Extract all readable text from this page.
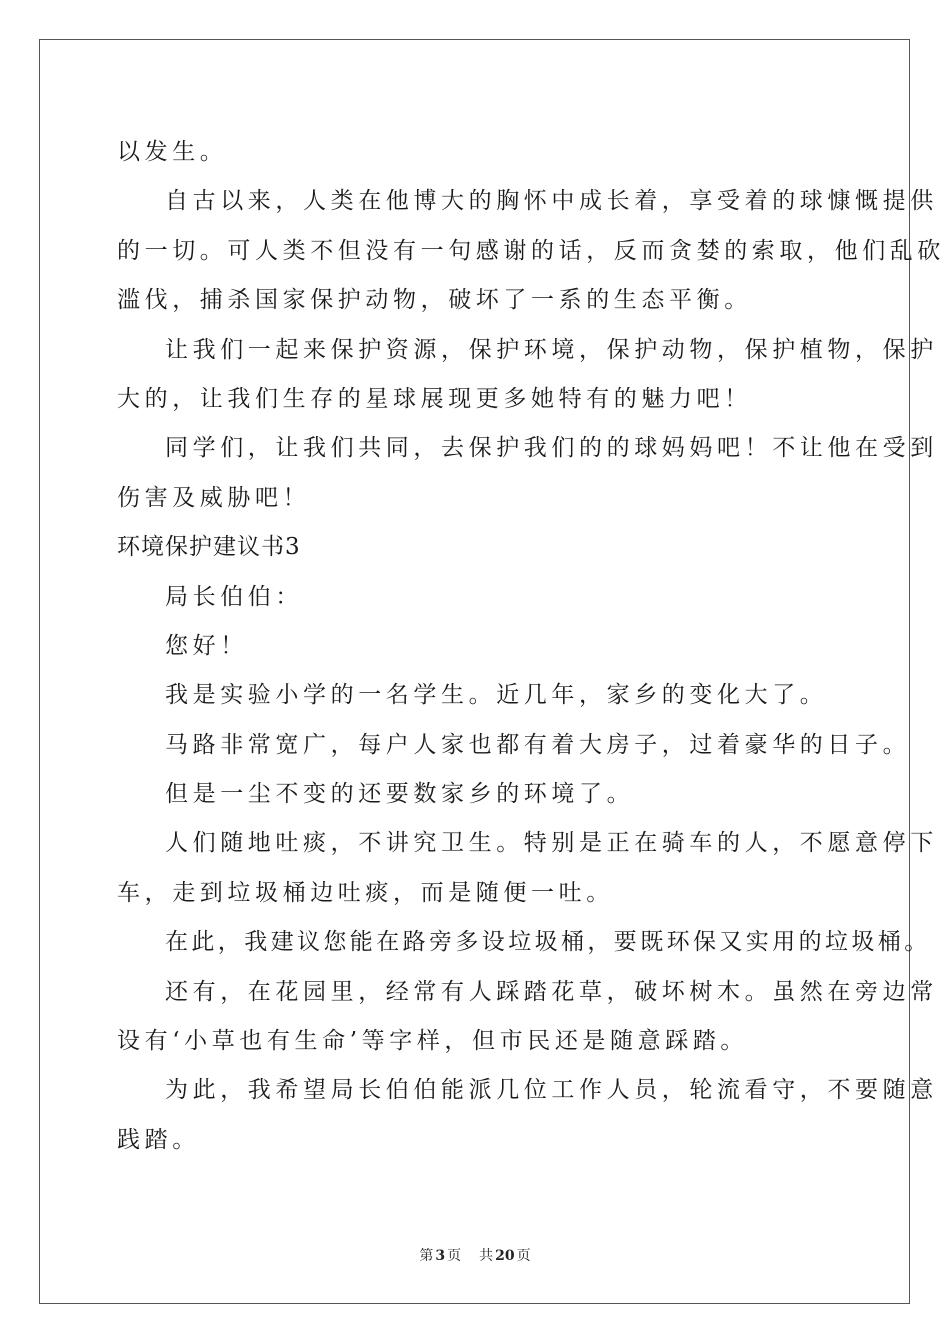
以发生。
自古以来，人类在他博大的胸怀中成长着，享受着的球慷慨提供
的一切。可人类不但没有一句感谢的话，反而贪婪的索取，他们乱砍
滥伐，捕杀国家保护动物，破坏了一系的生态平衡。
让我们一起来保护资源，保护环境，保护动物，保护植物，保护
大的，让我们生存的星球展现更多她特有的魅力吧！
同学们，让我们共同，去保护我们的的球妈妈吧！不让他在受到
伤害及威胁吧！
环境保护建议书3
局长伯伯：
您好！
我是实验小学的一名学生。近几年，家乡的变化大了。
马路非常宽广，每户人家也都有着大房子，过着豪华的日子。
但是一尘不变的还要数家乡的环境了。
人们随地吐痰，不讲究卫生。特别是正在骑车的人，不愿意停下
车，走到垃圾桶边吐痰，而是随便一吐。
在此，我建议您能在路旁多设垃圾桶，要既环保又实用的垃圾桶。
还有，在花园里，经常有人踩踏花草，破坏树木。虽然在旁边常
设有‘小草也有生命’等字样，但市民还是随意踩踏。
为此，我希望局长伯伯能派几位工作人员，轮流看守，不要随意
践踏。
第 3 页 共 20 页
